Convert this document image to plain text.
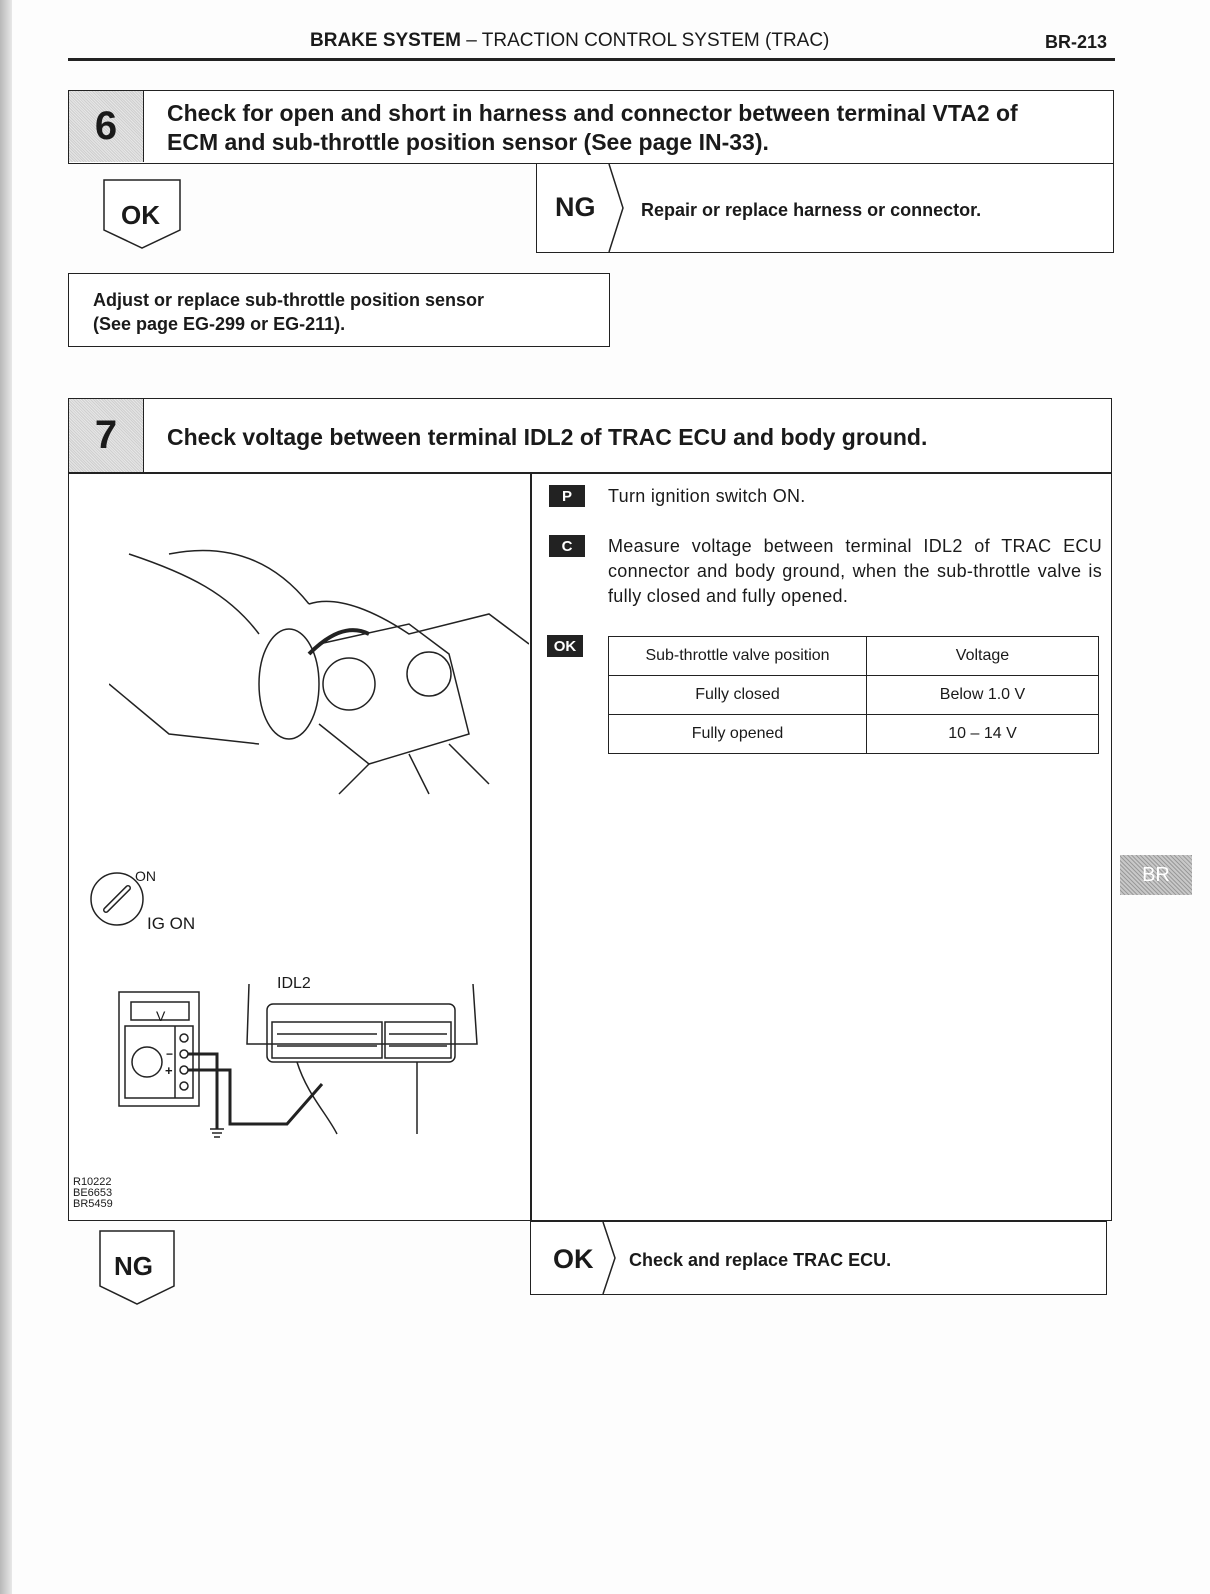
BRAKE SYSTEM – TRACTION CONTROL SYSTEM (TRAC)	BR-213
6	Check for open and short in harness and connector between terminal VTA2 of ECM and sub-throttle position sensor (See page IN-33).
OK	NG	Repair or replace harness or connector.
Adjust or replace sub-throttle position sensor
(See page EG-299 or EG-211).
7	Check voltage between terminal IDL2 of TRAC ECU and body ground.
ON
IG ON
IDL2
V
−
+
R10222
BE6653
BR5459
P	Turn ignition switch ON.
C	Measure voltage between terminal IDL2 of TRAC ECU connector and body ground, when the sub-throttle valve is fully closed and fully opened.
OK
Sub-throttle valve position	Voltage
Fully closed	Below 1.0 V
Fully opened	10 – 14 V
NG	OK Check and replace TRAC ECU.
BR
